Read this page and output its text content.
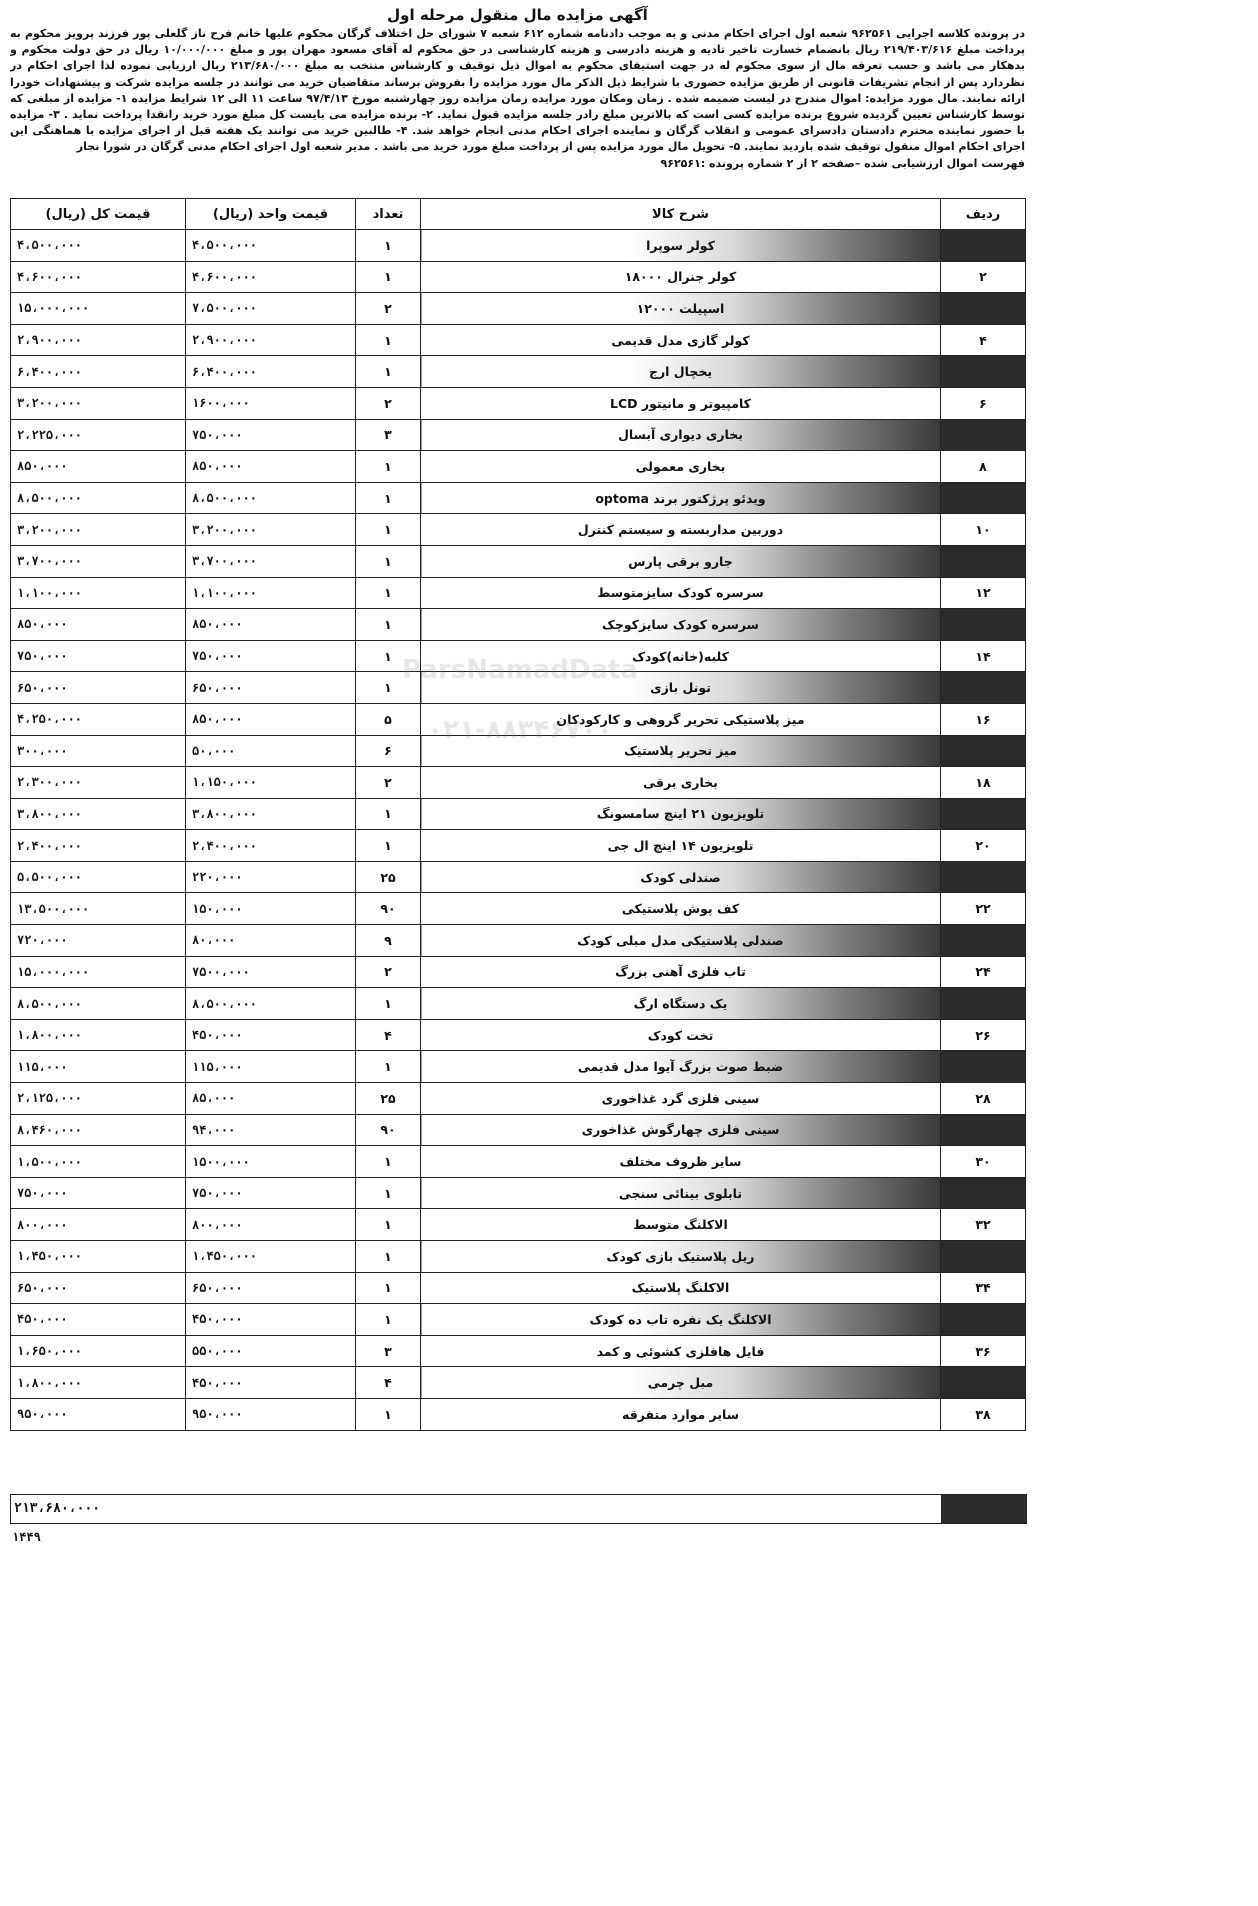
آگهی مزایده مال منقول مرحله اول

در پرونده کلاسه اجرایی ۹۶۲۵۶۱ شعبه اول اجرای احکام مدنی و به موجب دادنامه شماره ۶۱۲ شعبه ۷ شورای حل اختلاف گرگان محکوم علیها خانم فرح ناز گلعلی پور فرزند پرویز محکوم به پرداخت مبلغ ۲۱۹/۴۰۳/۶۱۶ ریال بانضمام خسارت تاخیر تادیه و هزینه دادرسی و هزینه کارشناسی در حق محکوم له آقای مسعود مهران پور و مبلغ ۱۰/۰۰۰/۰۰۰ ریال در حق دولت محکوم و بدهکار می باشد و حسب تعرفه مال از سوی محکوم له در جهت استیفای محکوم به اموال ذیل توقیف و کارشناس منتخب به مبلغ ۲۱۳/۶۸۰/۰۰۰ ریال ارزیابی نموده لذا اجرای احکام در نظردارد پس از انجام تشریفات قانونی از طریق مزایده حضوری با شرایط ذیل الذکر مال مورد مزایده را بفروش برساند متقاضیان خرید می توانند در جلسه مزایده شرکت و پیشنهادات خودرا ارائه نمایند. مال مورد مزایده: اموال مندرج در لیست ضمیمه شده . زمان ومکان مورد مزایده زمان مزایده روز چهارشنبه مورخ ۹۷/۴/۱۳ ساعت ۱۱ الی ۱۲ شرایط مزایده ۱- مزایده از مبلغی که توسط کارشناس تعیین گردیده شروع برنده مزایده کسی است که بالاترین مبلغ رادر جلسه مزایده قبول نماید. ۲- برنده مزایده می بایست کل مبلغ مورد خرید رانقدا پرداخت نماید . ۳- مزایده با حضور نماینده محترم دادستان دادسرای عمومی و انقلاب گرگان و نماینده اجرای احکام مدنی انجام خواهد شد. ۴- طالبین خرید می توانند یک هفته قبل از اجرای مزایده با هماهنگی این اجرای احکام اموال منقول توقیف شده بازدید نمایند. ۵- تحویل مال مورد مزایده پس از پرداخت مبلغ مورد خرید می باشد . مدیر شعبه اول اجرای احکام مدنی گرگان در شورا نجار

فهرست اموال ارزشیابی شده –صفحه ۲ از ۲ شماره پرونده :۹۶۲۵۶۱

ردیف	شرح کالا	تعداد	قیمت واحد (ریال)	قیمت کل (ریال)
۱	کولر سوپرا	۱	۴،۵۰۰،۰۰۰	۴،۵۰۰،۰۰۰
۲	کولر جنرال ۱۸۰۰۰	۱	۴،۶۰۰،۰۰۰	۴،۶۰۰،۰۰۰
۳	اسپیلت ۱۲۰۰۰	۲	۷،۵۰۰،۰۰۰	۱۵،۰۰۰،۰۰۰
۴	کولر گازی مدل قدیمی	۱	۲،۹۰۰،۰۰۰	۲،۹۰۰،۰۰۰
۵	یخچال ارج	۱	۶،۴۰۰،۰۰۰	۶،۴۰۰،۰۰۰
۶	کامپیوتر و مانیتور LCD	۲	۱۶۰۰،۰۰۰	۳،۲۰۰،۰۰۰
۷	بخاری دیواری آبسال	۳	۷۵۰،۰۰۰	۲،۲۲۵،۰۰۰
۸	بخاری معمولی	۱	۸۵۰،۰۰۰	۸۵۰،۰۰۰
۹	ویدئو پرژکتور برند optoma	۱	۸،۵۰۰،۰۰۰	۸،۵۰۰،۰۰۰
۱۰	دوربین مداربسته و سیستم کنترل	۱	۳،۲۰۰،۰۰۰	۳،۲۰۰،۰۰۰
۱۱	جارو برقی پارس	۱	۳،۷۰۰،۰۰۰	۳،۷۰۰،۰۰۰
۱۲	سرسره کودک سایزمتوسط	۱	۱،۱۰۰،۰۰۰	۱،۱۰۰،۰۰۰
۱۳	سرسره کودک سایزکوچک	۱	۸۵۰،۰۰۰	۸۵۰،۰۰۰
۱۴	کلبه(خانه)کودک	۱	۷۵۰،۰۰۰	۷۵۰،۰۰۰
۱۵	تونل بازی	۱	۶۵۰،۰۰۰	۶۵۰،۰۰۰
۱۶	میز پلاستیکی تحریر گروهی و کارکودکان	۵	۸۵۰،۰۰۰	۴،۲۵۰،۰۰۰
۱۷	میز تحریر پلاستیک	۶	۵۰،۰۰۰	۳۰۰،۰۰۰
۱۸	بخاری برقی	۲	۱،۱۵۰،۰۰۰	۲،۳۰۰،۰۰۰
۱۹	تلویزیون ۲۱ اینچ سامسونگ	۱	۳،۸۰۰،۰۰۰	۳،۸۰۰،۰۰۰
۲۰	تلویزیون ۱۴ اینچ ال جی	۱	۲،۴۰۰،۰۰۰	۲،۴۰۰،۰۰۰
۲۱	صندلی کودک	۲۵	۲۲۰،۰۰۰	۵،۵۰۰،۰۰۰
۲۲	کف پوش پلاستیکی	۹۰	۱۵۰،۰۰۰	۱۳،۵۰۰،۰۰۰
۲۳	صندلی پلاستیکی مدل مبلی کودک	۹	۸۰،۰۰۰	۷۲۰،۰۰۰
۲۴	تاب فلزی آهنی بزرگ	۲	۷۵۰۰،۰۰۰	۱۵،۰۰۰،۰۰۰
۲۵	یک دستگاه ارگ	۱	۸،۵۰۰،۰۰۰	۸،۵۰۰،۰۰۰
۲۶	تخت کودک	۴	۴۵۰،۰۰۰	۱،۸۰۰،۰۰۰
۲۷	ضبط صوت بزرگ آیوا مدل قدیمی	۱	۱۱۵،۰۰۰	۱۱۵،۰۰۰
۲۸	سینی فلزی گرد غذاخوری	۲۵	۸۵،۰۰۰	۲،۱۲۵،۰۰۰
۲۹	سینی فلزی چهارگوش غذاخوری	۹۰	۹۴،۰۰۰	۸،۴۶۰،۰۰۰
۳۰	سایر ظروف مختلف	۱	۱۵۰۰،۰۰۰	۱،۵۰۰،۰۰۰
۳۱	تابلوی بینائی سنجی	۱	۷۵۰،۰۰۰	۷۵۰،۰۰۰
۳۲	الاکلنگ متوسط	۱	۸۰۰،۰۰۰	۸۰۰،۰۰۰
۳۳	ریل پلاستیک بازی کودک	۱	۱،۴۵۰،۰۰۰	۱،۴۵۰،۰۰۰
۳۴	الاکلنگ پلاستیک	۱	۶۵۰،۰۰۰	۶۵۰،۰۰۰
۳۵	الاکلنگ یک نفره تاب ده کودک	۱	۴۵۰،۰۰۰	۴۵۰،۰۰۰
۳۶	فایل هافلزی کشوئی و کمد	۳	۵۵۰،۰۰۰	۱،۶۵۰،۰۰۰
۳۷	مبل چرمی	۴	۴۵۰،۰۰۰	۱،۸۰۰،۰۰۰
۳۸	سایر موارد متفرقه	۱	۹۵۰،۰۰۰	۹۵۰،۰۰۰
۲۱۳،۶۸۰،۰۰۰
۱۴۴۹
ParsNamadData
۰۲۱-۸۸۳۴۶۷۰۰
